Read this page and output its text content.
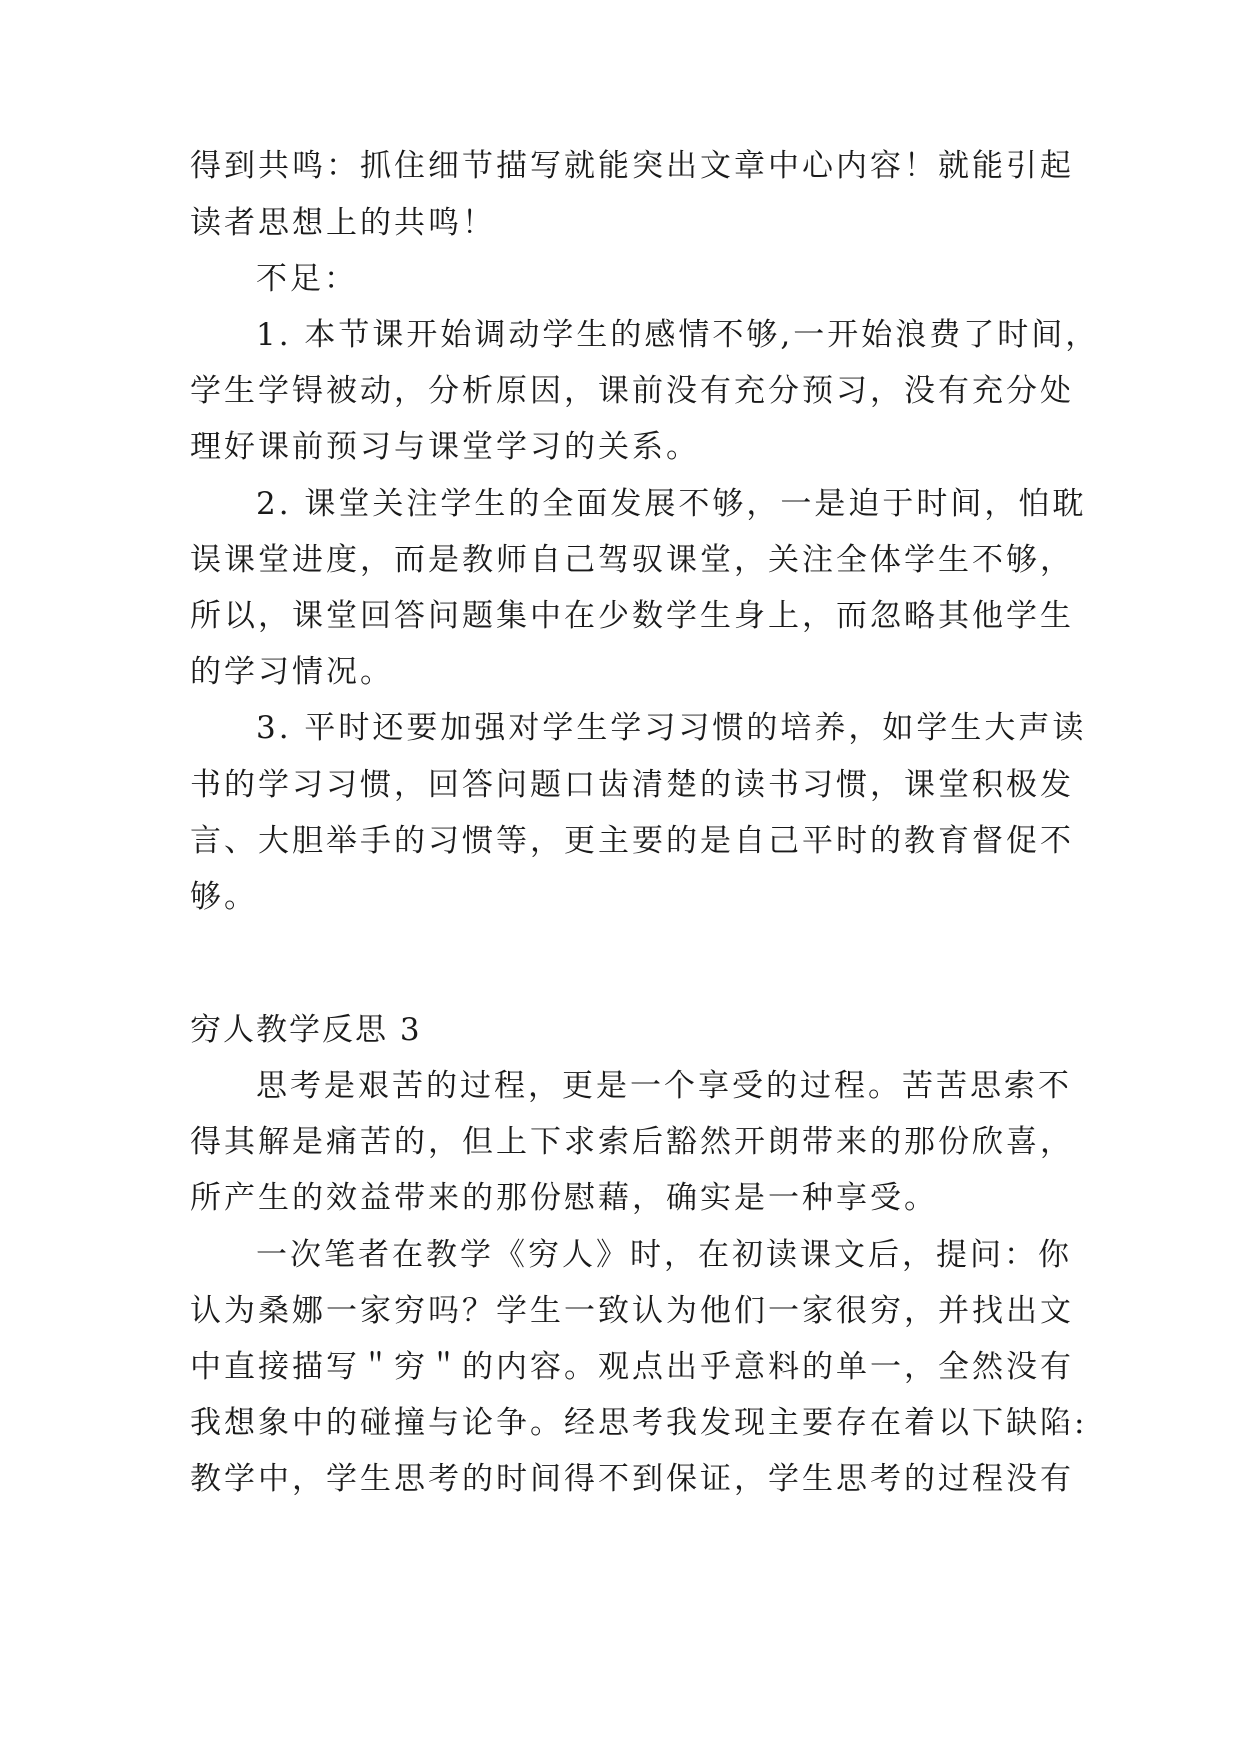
得到共鸣：抓住细节描写就能突出文章中心内容！就能引起
读者思想上的共鸣！
不足：
1. 本节课开始调动学生的感情不够,一开始浪费了时间，
学生学锝被动，分析原因，课前没有充分预习，没有充分处
理好课前预习与课堂学习的关系。
2. 课堂关注学生的全面发展不够，一是迫于时间，怕耽
误课堂进度，而是教师自己驾驭课堂，关注全体学生不够，
所以，课堂回答问题集中在少数学生身上，而忽略其他学生
的学习情况。
3. 平时还要加强对学生学习习惯的培养，如学生大声读
书的学习习惯，回答问题口齿清楚的读书习惯，课堂积极发
言、大胆举手的习惯等，更主要的是自己平时的教育督促不
够。
穷人教学反思 3
思考是艰苦的过程，更是一个享受的过程。苦苦思索不
得其解是痛苦的，但上下求索后豁然开朗带来的那份欣喜，
所产生的效益带来的那份慰藉，确实是一种享受。
一次笔者在教学《穷人》时，在初读课文后，提问：你
认为桑娜一家穷吗？学生一致认为他们一家很穷，并找出文
中直接描写＂穷＂的内容。观点出乎意料的单一，全然没有
我想象中的碰撞与论争。经思考我发现主要存在着以下缺陷:
教学中，学生思考的时间得不到保证，学生思考的过程没有
